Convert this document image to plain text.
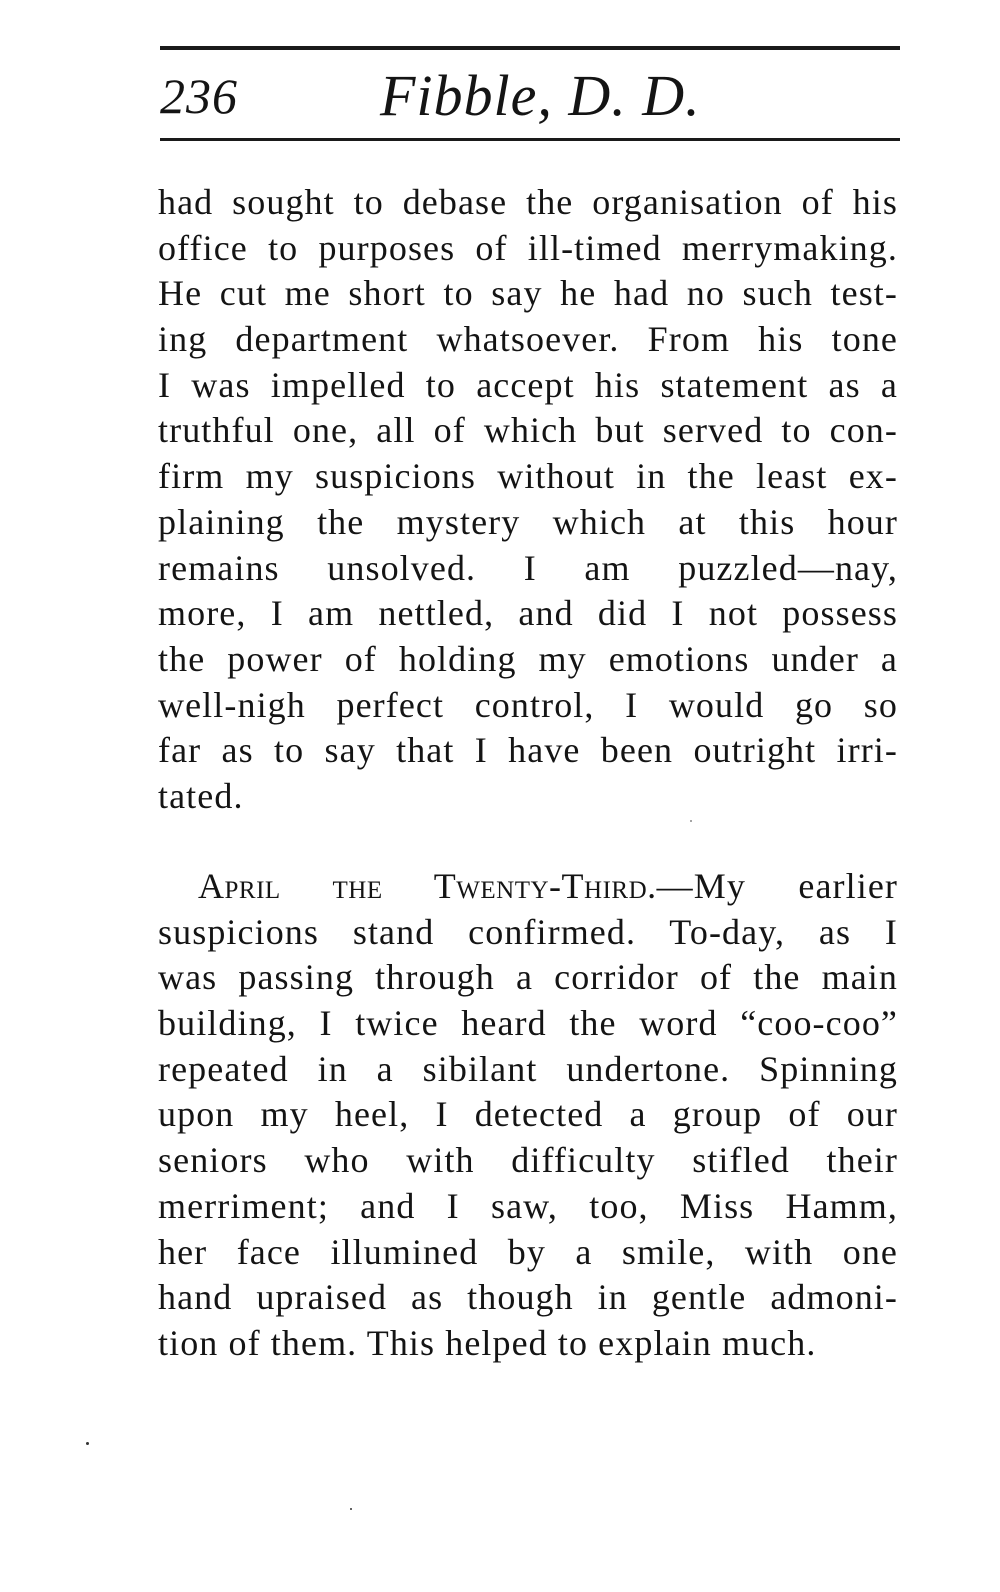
236 Fibble, D. D.
had sought to debase the organisation of his
office to purposes of ill-timed merrymaking.
He cut me short to say he had no such test-
ing department whatsoever. From his tone
I was impelled to accept his statement as a
truthful one, all of which but served to con-
firm my suspicions without in the least ex-
plaining the mystery which at this hour
remains unsolved. I am puzzled—nay,
more, I am nettled, and did I not possess
the power of holding my emotions under a
well-nigh perfect control, I would go so
far as to say that I have been outright irri-
tated.
April the Twenty-Third.—My earlier
suspicions stand confirmed. To-day, as I
was passing through a corridor of the main
building, I twice heard the word “coo-coo”
repeated in a sibilant undertone. Spinning
upon my heel, I detected a group of our
seniors who with difficulty stifled their
merriment; and I saw, too, Miss Hamm,
her face illumined by a smile, with one
hand upraised as though in gentle admoni-
tion of them. This helped to explain much.
